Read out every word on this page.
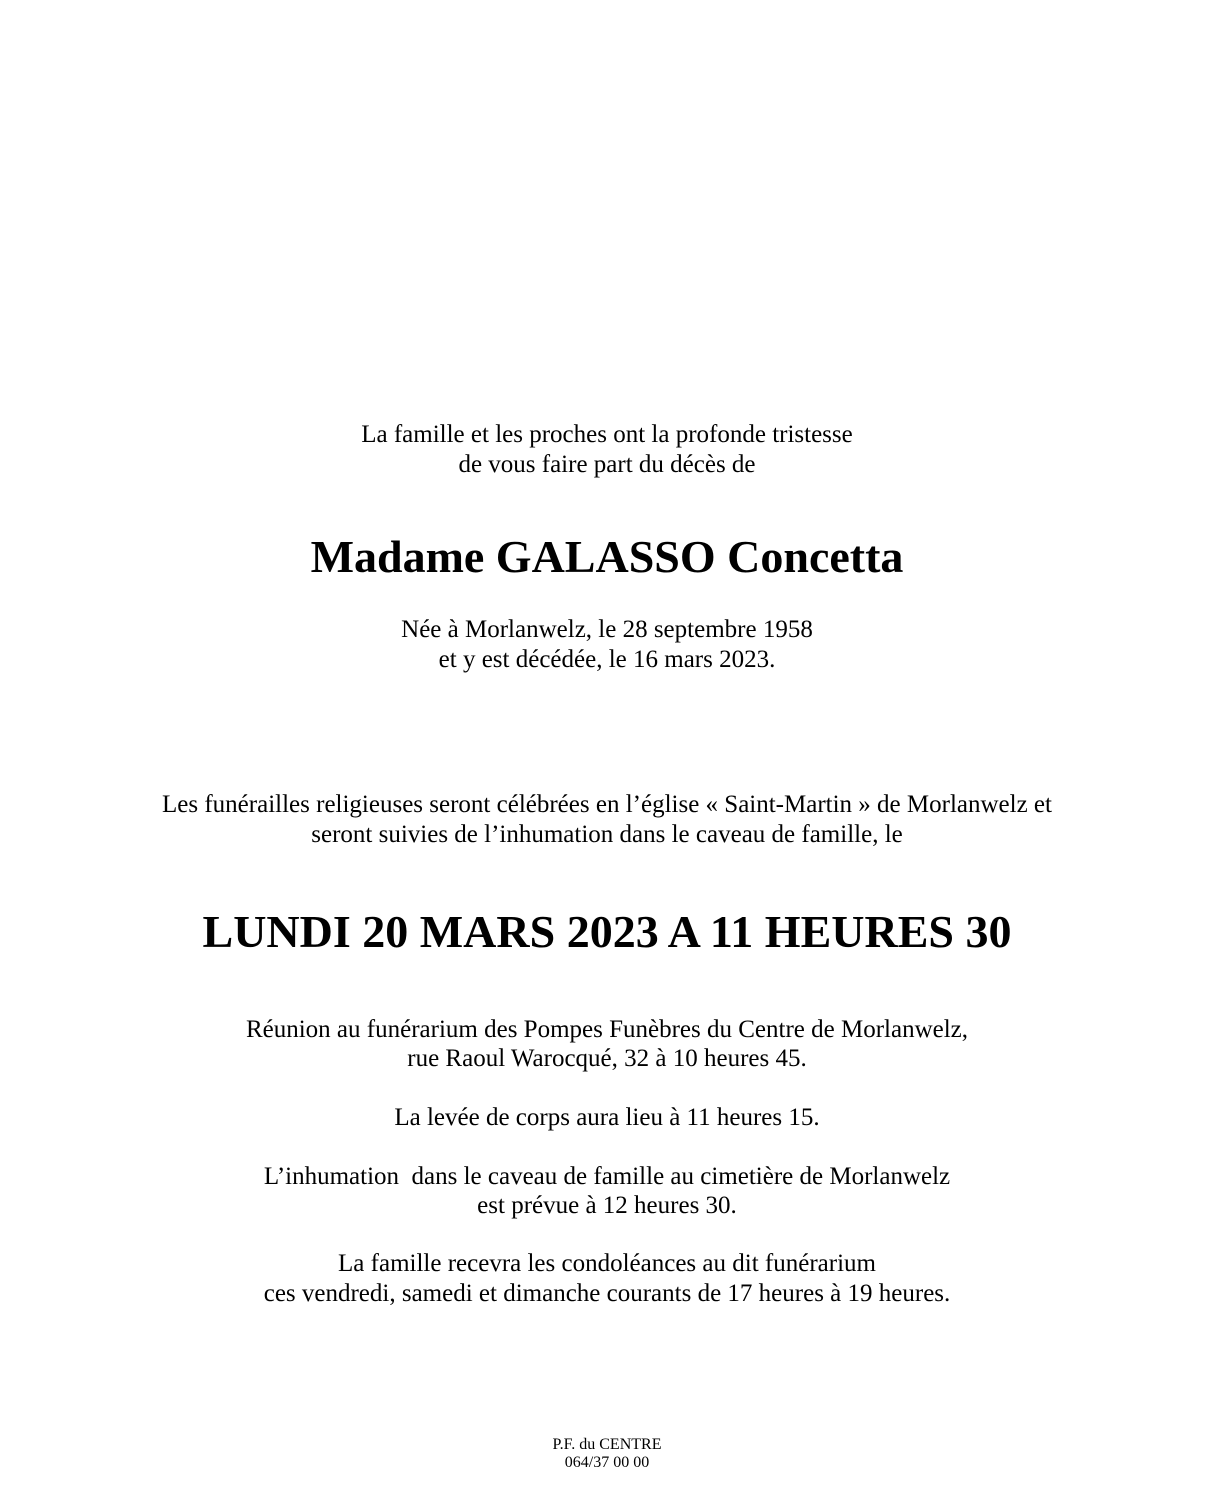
La famille et les proches ont la profonde tristesse
de vous faire part du décès de
Madame GALASSO Concetta
Née à Morlanwelz, le 28 septembre 1958
et y est décédée, le 16 mars 2023.
Les funérailles religieuses seront célébrées en l’église « Saint-Martin » de Morlanwelz et
seront suivies de l’inhumation dans le caveau de famille, le
LUNDI 20 MARS 2023 A 11 HEURES 30
Réunion au funérarium des Pompes Funèbres du Centre de Morlanwelz,
rue Raoul Warocqué, 32 à 10 heures 45.
La levée de corps aura lieu à 11 heures 15.
L’inhumation  dans le caveau de famille au cimetière de Morlanwelz
est prévue à 12 heures 30.
La famille recevra les condoléances au dit funérarium
ces vendredi, samedi et dimanche courants de 17 heures à 19 heures.
P.F. du CENTRE
064/37 00 00
